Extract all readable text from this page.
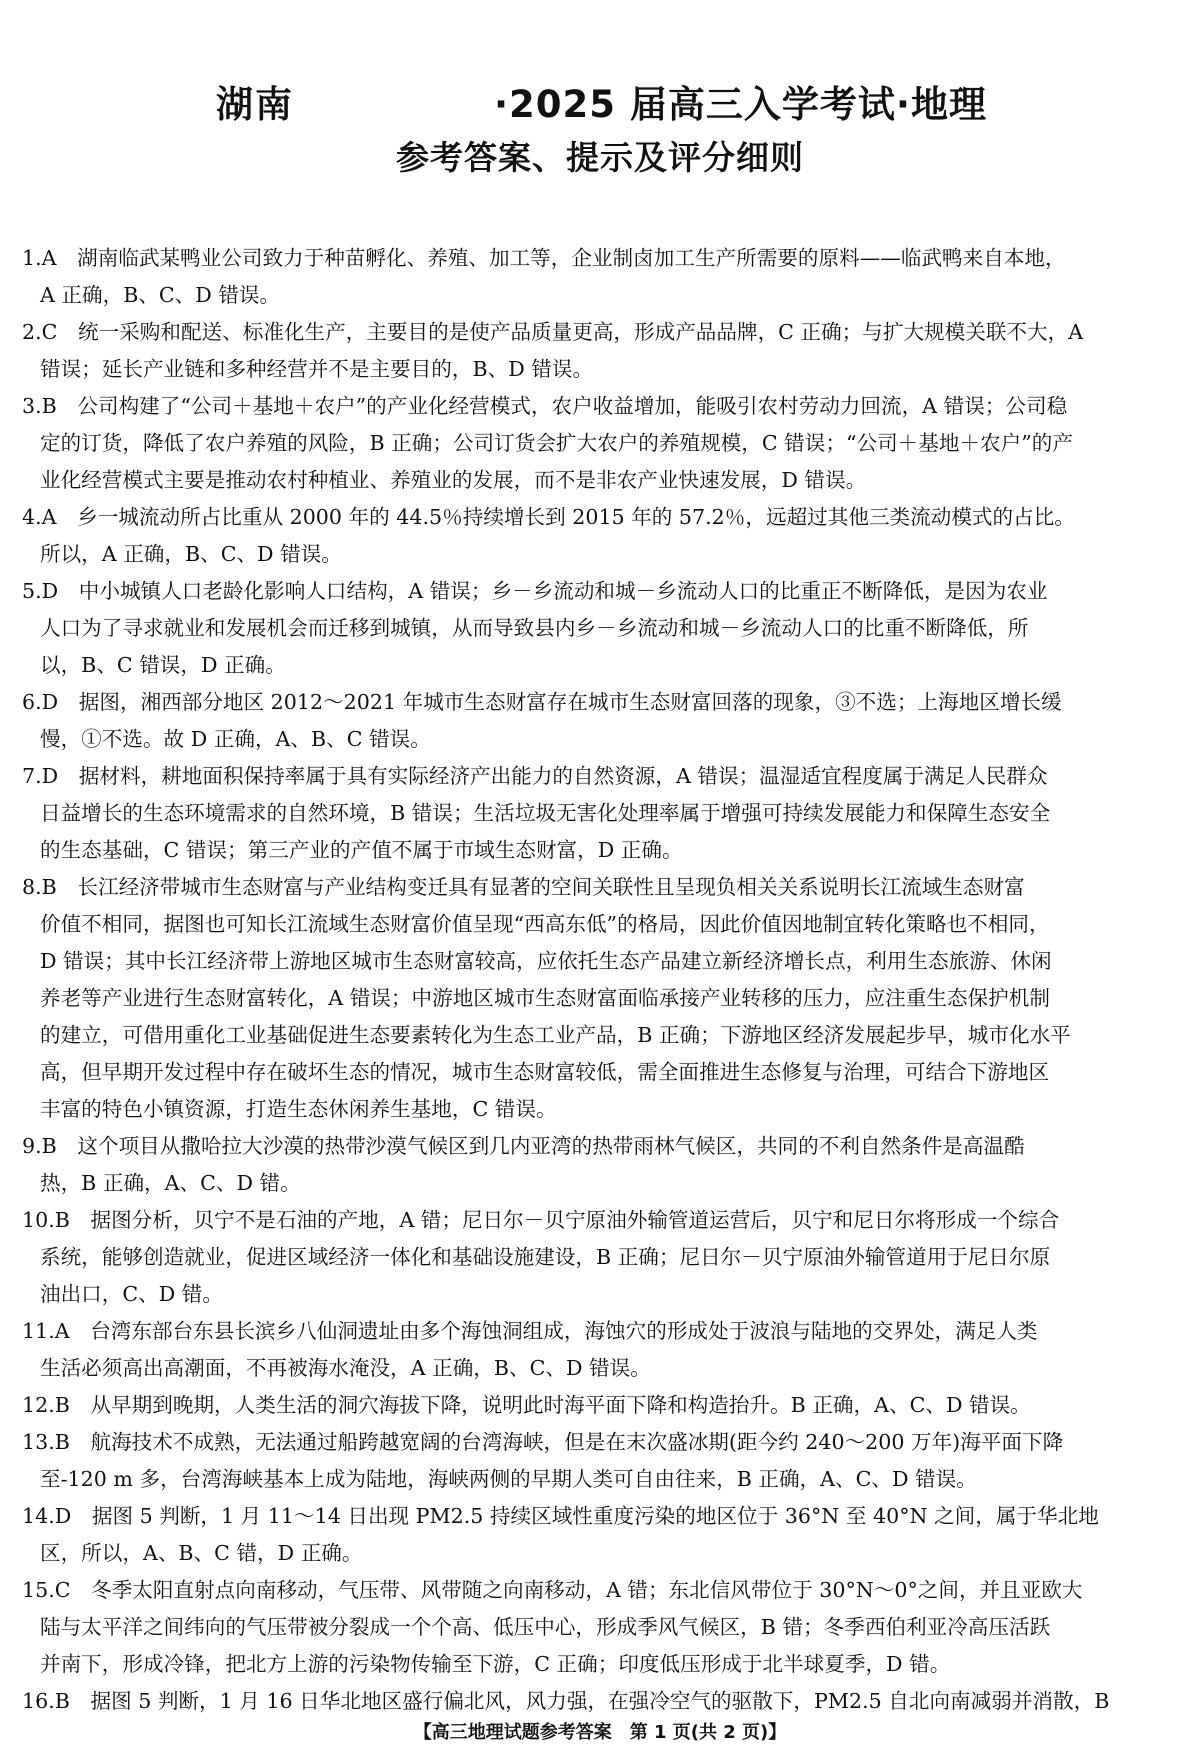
湖南	·2025 届高三入学考试·地理
参考答案、提示及评分细则
1.A　湖南临武某鸭业公司致力于种苗孵化、养殖、加工等，企业制卤加工生产所需要的原料——临武鸭来自本地，
A 正确，B、C、D 错误。
2.C　统一采购和配送、标准化生产，主要目的是使产品质量更高，形成产品品牌，C 正确；与扩大规模关联不大，A
错误；延长产业链和多种经营并不是主要目的，B、D 错误。
3.B　公司构建了“公司＋基地＋农户”的产业化经营模式，农户收益增加，能吸引农村劳动力回流，A 错误；公司稳
定的订货，降低了农户养殖的风险，B 正确；公司订货会扩大农户的养殖规模，C 错误；“公司＋基地＋农户”的产
业化经营模式主要是推动农村种植业、养殖业的发展，而不是非农产业快速发展，D 错误。
4.A　乡一城流动所占比重从 2000 年的 44.5％持续增长到 2015 年的 57.2％，远超过其他三类流动模式的占比。
所以，A 正确，B、C、D 错误。
5.D　中小城镇人口老龄化影响人口结构，A 错误；乡－乡流动和城－乡流动人口的比重正不断降低，是因为农业
人口为了寻求就业和发展机会而迁移到城镇，从而导致县内乡－乡流动和城－乡流动人口的比重不断降低，所
以，B、C 错误，D 正确。
6.D　据图，湘西部分地区 2012～2021 年城市生态财富存在城市生态财富回落的现象，③不选；上海地区增长缓
慢，①不选。故 D 正确，A、B、C 错误。
7.D　据材料，耕地面积保持率属于具有实际经济产出能力的自然资源，A 错误；温湿适宜程度属于满足人民群众
日益增长的生态环境需求的自然环境，B 错误；生活垃圾无害化处理率属于增强可持续发展能力和保障生态安全
的生态基础，C 错误；第三产业的产值不属于市域生态财富，D 正确。
8.B　长江经济带城市生态财富与产业结构变迁具有显著的空间关联性且呈现负相关关系说明长江流域生态财富
价值不相同，据图也可知长江流域生态财富价值呈现“西高东低”的格局，因此价值因地制宜转化策略也不相同，
D 错误；其中长江经济带上游地区城市生态财富较高，应依托生态产品建立新经济增长点，利用生态旅游、休闲
养老等产业进行生态财富转化，A 错误；中游地区城市生态财富面临承接产业转移的压力，应注重生态保护机制
的建立，可借用重化工业基础促进生态要素转化为生态工业产品，B 正确；下游地区经济发展起步早，城市化水平
高，但早期开发过程中存在破坏生态的情况，城市生态财富较低，需全面推进生态修复与治理，可结合下游地区
丰富的特色小镇资源，打造生态休闲养生基地，C 错误。
9.B　这个项目从撒哈拉大沙漠的热带沙漠气候区到几内亚湾的热带雨林气候区，共同的不利自然条件是高温酷
热，B 正确，A、C、D 错。
10.B　据图分析，贝宁不是石油的产地，A 错；尼日尔－贝宁原油外输管道运营后，贝宁和尼日尔将形成一个综合
系统，能够创造就业，促进区域经济一体化和基础设施建设，B 正确；尼日尔－贝宁原油外输管道用于尼日尔原
油出口，C、D 错。
11.A　台湾东部台东县长滨乡八仙洞遗址由多个海蚀洞组成，海蚀穴的形成处于波浪与陆地的交界处，满足人类
生活必须高出高潮面，不再被海水淹没，A 正确，B、C、D 错误。
12.B　从早期到晚期，人类生活的洞穴海拔下降，说明此时海平面下降和构造抬升。B 正确，A、C、D 错误。
13.B　航海技术不成熟，无法通过船跨越宽阔的台湾海峡，但是在末次盛冰期(距今约 240～200 万年)海平面下降
至-120 m 多，台湾海峡基本上成为陆地，海峡两侧的早期人类可自由往来，B 正确，A、C、D 错误。
14.D　据图 5 判断，1 月 11～14 日出现 PM2.5 持续区域性重度污染的地区位于 36°N 至 40°N 之间，属于华北地
区，所以，A、B、C 错，D 正确。
15.C　冬季太阳直射点向南移动，气压带、风带随之向南移动，A 错；东北信风带位于 30°N～0°之间，并且亚欧大
陆与太平洋之间纬向的气压带被分裂成一个个高、低压中心，形成季风气候区，B 错；冬季西伯利亚冷高压活跃
并南下，形成冷锋，把北方上游的污染物传输至下游，C 正确；印度低压形成于北半球夏季，D 错。
16.B　据图 5 判断，1 月 16 日华北地区盛行偏北风，风力强，在强冷空气的驱散下，PM2.5 自北向南减弱并消散，B
【高三地理试题参考答案　第 1 页(共 2 页)】
